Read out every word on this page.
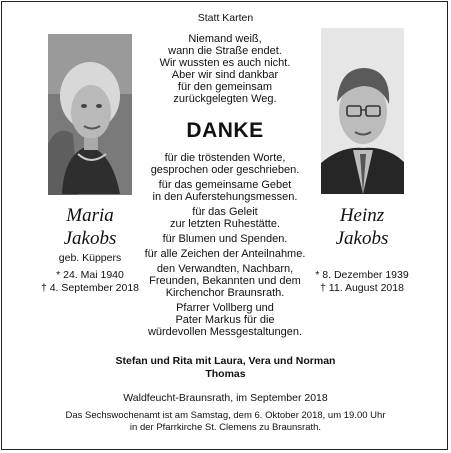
Statt Karten
Maria
Jakobs
geb. Küppers
* 24. Mai 1940
† 4. September 2018
Heinz
Jakobs
* 8. Dezember 1939
† 11. August 2018
Niemand weiß,
wann die Straße endet.
Wir wussten es auch nicht.
Aber wir sind dankbar
für den gemeinsam
zurückgelegten Weg.
DANKE
für die tröstenden Worte,
gesprochen oder geschrieben.
für das gemeinsame Gebet
in den Auferstehungsmessen.
für das Geleit
zur letzten Ruhestätte.
für Blumen und Spenden.
für alle Zeichen der Anteilnahme.
den Verwandten, Nachbarn,
Freunden, Bekannten und dem
Kirchenchor Braunsrath.
Pfarrer Vollberg und
Pater Markus für die
würdevollen Messgestaltungen.
Stefan und Rita mit Laura, Vera und Norman
Thomas
Waldfeucht-Braunsrath, im September 2018
Das Sechswochenamt ist am Samstag, dem 6. Oktober 2018, um 19.00 Uhr
in der Pfarrkirche St. Clemens zu Braunsrath.
